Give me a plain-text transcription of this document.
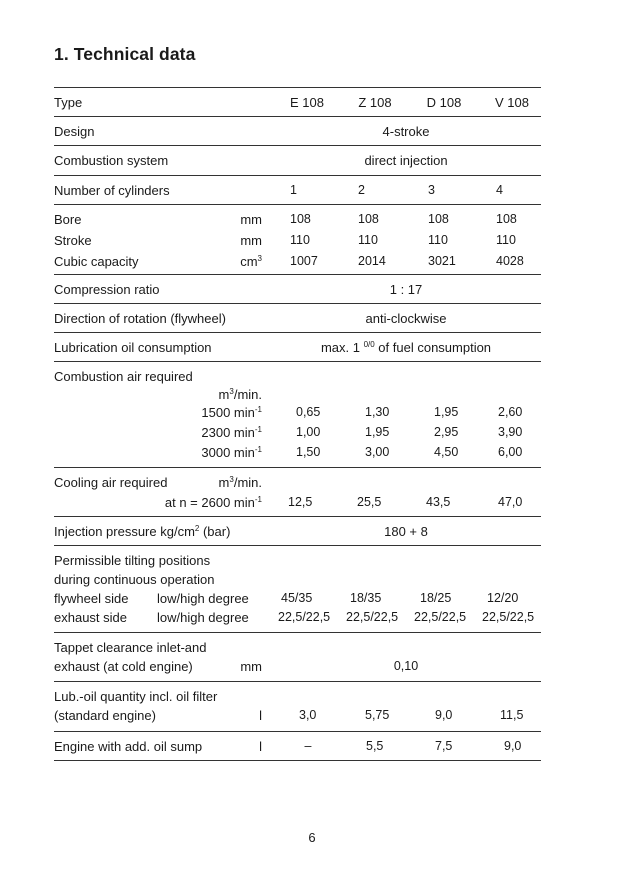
1. Technical data
Type	E 108	Z 108	D 108	V 108
Design	4-stroke
Combustion system	direct injection
Number of cylinders	1	2	3	4
Bore	mm 108	108	108	108
Stroke	mm 110	110	110	110
Cubic capacity	$cm^3$ 1007	2014	3021	4028
Compression ratio	1 : 17
Direction of rotation (flywheel)	anti-clockwise
Lubrication oil consumption	max. 1 $^{0/0}$ of fuel consumption
Combustion air required
$m^3/\min$.
1500 $\min^{-1}$	0,65	1,30	1,95	2,60
2300 $\min^{-1}$	1,00	1,95	2,95	3,90
3000 $\min^{-1}$	1,50	3,00	4,50	6,00
Cooling air required	$m^3/\min$.
at n = 2600 $\min^{-1} 12,5$	25,5	43,5	47,0
Injection pressure $kg/cm^2$ (bar)	180 + 8
Permissible tilting positions
during continuous operation
flywheel side low/high degree	45/35	18/35	18/25	12/20
exhaust side low/high degree 22,5/22,5 22,5/22,5 22,5/22,5 22,5/22,5
Tappet clearance inlet-and
exhaust (at cold engine)	mm	0,10
Lub.-oil quantity incl. oil filter
(standard engine)	l	3,0	5,75	9,0	11,5
Engine with add. oil sump	l	–	5,5	7,5	9,0
6
